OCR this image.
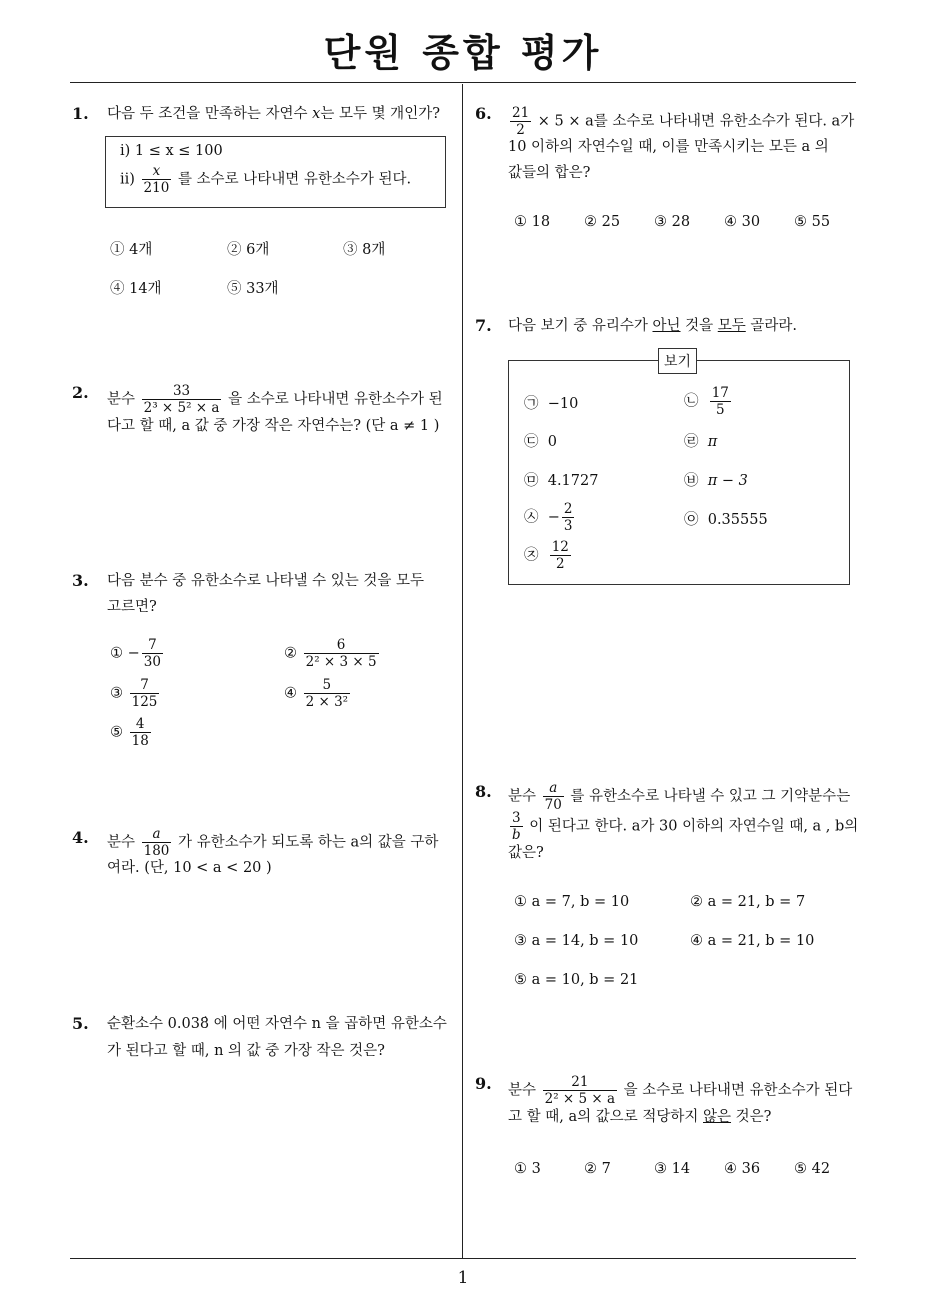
단원 종합 평가
1
1. 다음 두 조건을 만족하는 자연수 x는 모두 몇 개인가?
ⅰ) 1 ≤ x ≤ 100
ⅱ) $\frac{x}{210}$ 를 소수로 나타내면 유한소수가 된다.
① 4개	② 6개	③ 8개
④ 14개	⑤ 33개
2. 분수 $\frac{33}{\text{2³ × 5² × a}}$ 을 소수로 나타내면 유한소수가 된
다고 할 때, a 값 중 가장 작은 자연수는? (단 a ≠ 1 )
3. 다음 분수 중 유한소수로 나타낼 수 있는 것을 모두
고르면?
① − $\frac{7}{30}$	② $\frac{6}{\text{2² × 3 × 5}}$
③ $\frac{7}{125}$	④ $\frac{5}{\text{2 × 3²}}$
⑤ $\frac{4}{18}$
4. 분수 $\frac{a}{180}$ 가 유한소수가 되도록 하는 a의 값을 구하
여라. (단, 10 < a < 20 )
5. 순환소수 0.038̇ 에 어떤 자연수 n 을 곱하면 유한소수
가 된다고 할 때, n 의 값 중 가장 작은 것은?
6. $\frac{21}{2} \times 5 \times a$를 소수로 나타내면 유한소수가 된다. a가
10 이하의 자연수일 때, 이를 만족시키는 모든 a 의
값들의 합은?
① 18 ② 25 ③ 28 ④ 30 ⑤ 55
7. 다음 보기 중 유리수가 아닌 것을 모두 골라라.
보기
㉠ −10	㉡ $\frac{17}{5}$
㉢ 0	㉣ π
㉤ 4.1727	㉥ π − 3
㉦ − $\frac{2}{3}$	㉧ 0.35555
㉨ $\frac{12}{2}$
8. 분수 $\frac{a}{70}$ 를 유한소수로 나타낼 수 있고 그 기약분수는
$\frac{3}{b}$ 이 된다고 한다. a가 30 이하의 자연수일 때, a , b의
값은?
① a = 7, b = 10	② a = 21, b = 7
③ a = 14, b = 10	④ a = 21, b = 10
⑤ a = 10, b = 21
9. 분수 $\frac{21}{\text{2² × 5 × a}}$ 을 소수로 나타내면 유한소수가 된다
고 할 때, a의 값으로 적당하지 않은 것은?
① 3	② 7	③ 14 ④ 36 ⑤ 42
